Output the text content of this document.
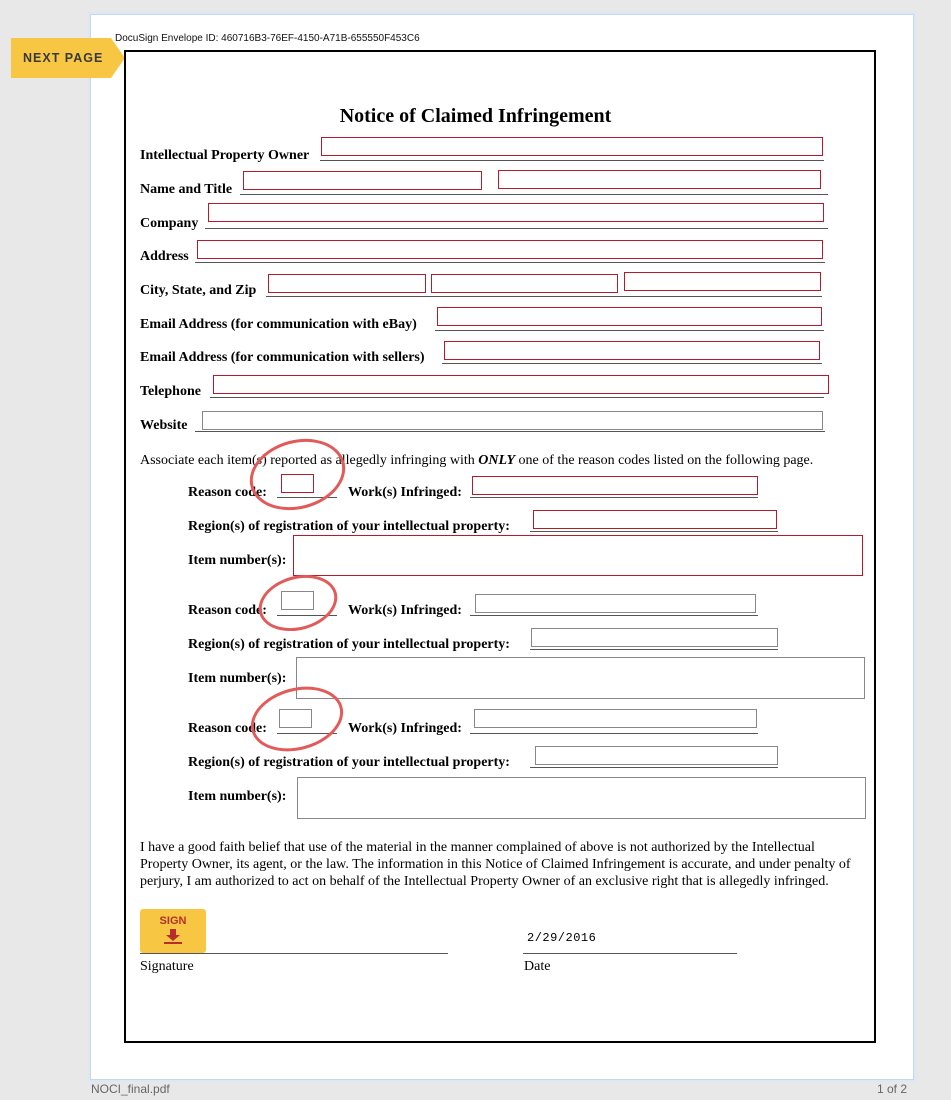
DocuSign Envelope ID: 460716B3-76EF-4150-A71B-655550F453C6
NEXT PAGE
Notice of Claimed Infringement
Intellectual Property Owner
Name and Title
Company
Address
City, State, and Zip
Email Address (for communication with eBay)
Email Address (for communication with sellers)
Telephone
Website
Associate each item(s) reported as allegedly infringing with ONLY one of the reason codes listed on the following page.
Reason code:	Work(s) Infringed:
Region(s) of registration of your intellectual property:
Item number(s):
Reason code:	Work(s) Infringed:
Region(s) of registration of your intellectual property:
Item number(s):
Reason code:	Work(s) Infringed:
Region(s) of registration of your intellectual property:
Item number(s):
I have a good faith belief that use of the material in the manner complained of above is not authorized by the Intellectual Property Owner, its agent, or the law. The information in this Notice of Claimed Infringement is accurate, and under penalty of perjury, I am authorized to act on behalf of the Intellectual Property Owner of an exclusive right that is allegedly infringed.
SIGN
2/29/2016
Signature	Date
NOCI_final.pdf	1 of 2
